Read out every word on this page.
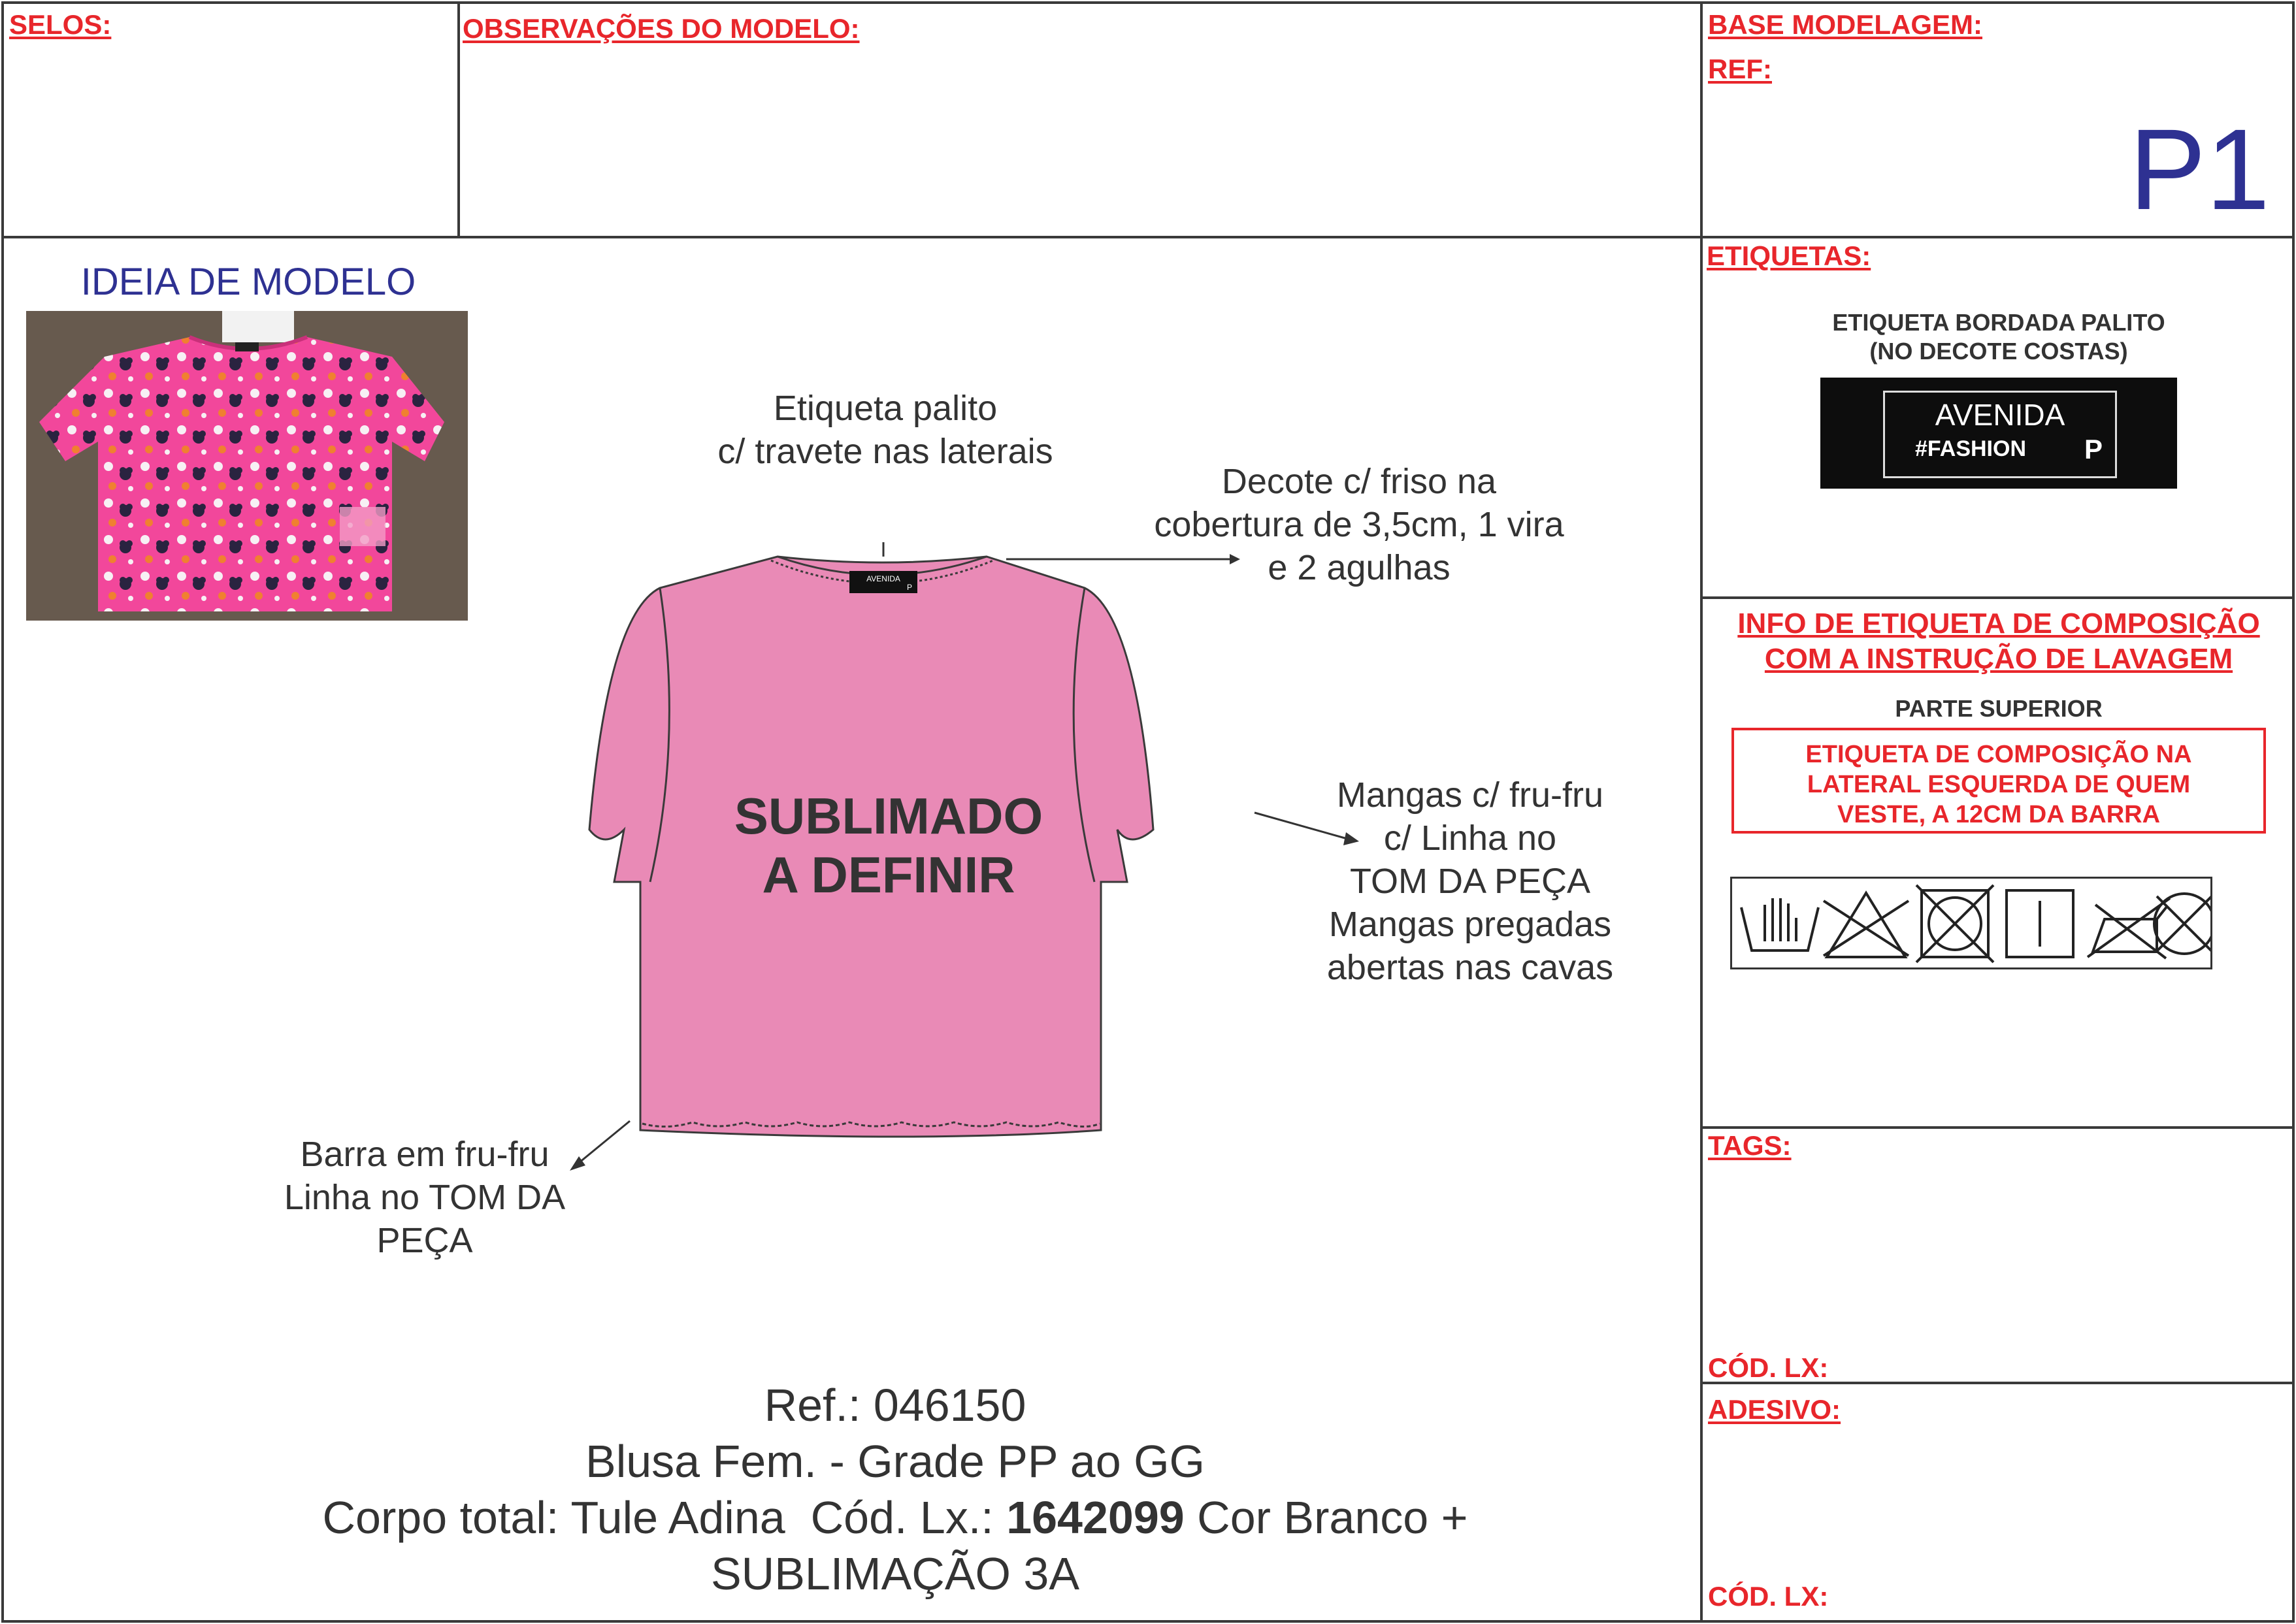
SELOS:	OBSERVAÇÕES DO MODELO:	BASE MODELAGEM:
REF:
P1
IDEIA DE MODELO
AVENIDA
P
SUBLIMADO
A DEFINIR
Etiqueta palito
c/ travete nas laterais
Decote c/ friso na
cobertura de 3,5cm, 1 vira
e 2 agulhas
Mangas c/ fru-fru
c/ Linha no
TOM DA PEÇA
Mangas pregadas
abertas nas cavas
Barra em fru-fru
Linha no TOM DA
PEÇA
Ref.: 046150
Blusa Fem. - Grade PP ao GG
Corpo total: Tule Adina  Cód. Lx.: 1642099 Cor Branco +
SUBLIMAÇÃO 3A
ETIQUETAS:
ETIQUETA BORDADA PALITO
(NO DECOTE COSTAS)
AVENIDA
#FASHION	P
INFO DE ETIQUETA DE COMPOSIÇÃO
COM A INSTRUÇÃO DE LAVAGEM
PARTE SUPERIOR
ETIQUETA DE COMPOSIÇÃO NA
LATERAL ESQUERDA DE QUEM
VESTE, A 12CM DA BARRA
TAGS:
CÓD. LX:
ADESIVO:
CÓD. LX:
